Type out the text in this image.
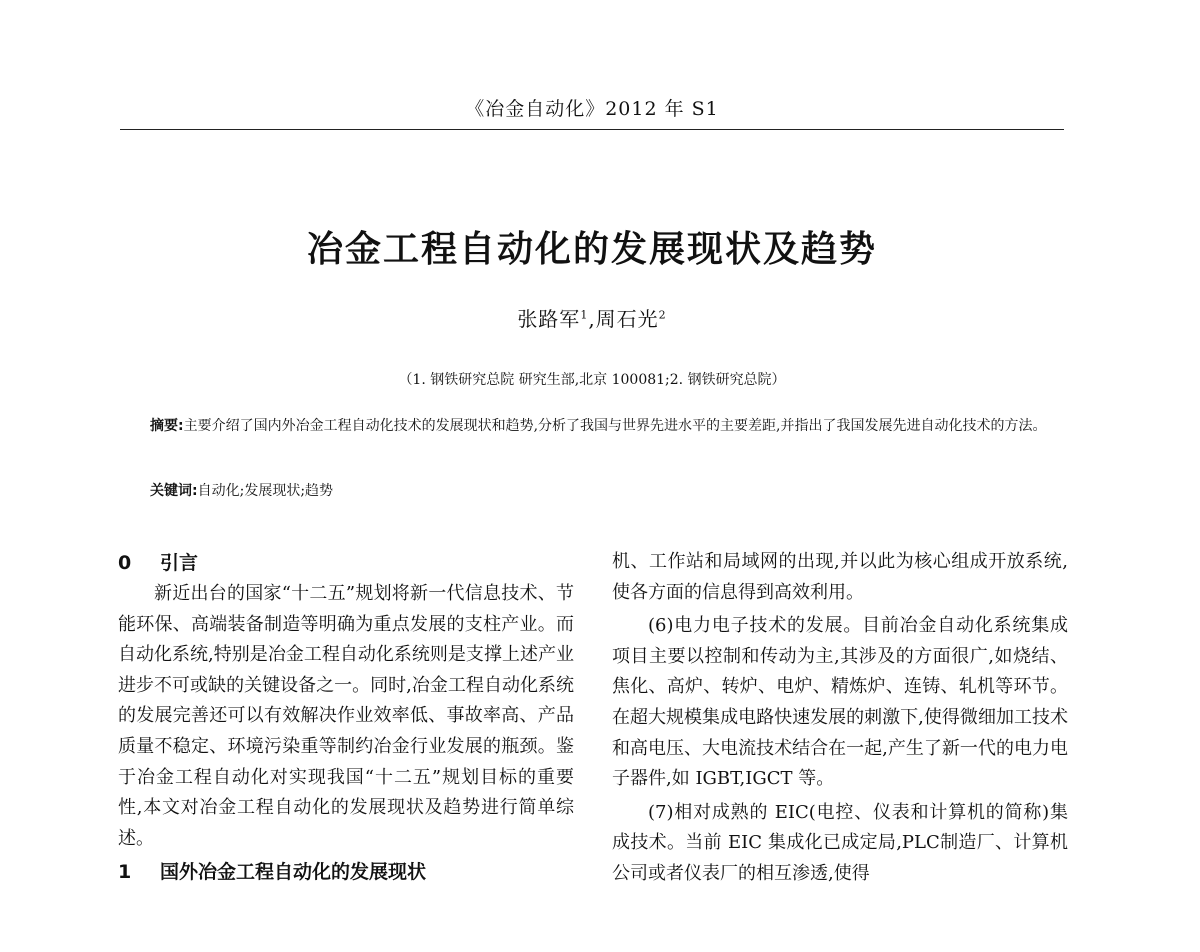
《冶金自动化》2012 年 S1
冶金工程自动化的发展现状及趋势
张路军$^1$,周石光$^2$
（1. 钢铁研究总院 研究生部,北京 100081;2. 钢铁研究总院）
摘要:主要介绍了国内外冶金工程自动化技术的发展现状和趋势,分析了我国与世界先进水平的主要差距,并指出了我国发展先进自动化技术的方法。
关键词:自动化;发展现状;趋势
0 引言

新近出台的国家“十二五”规划将新一代信息技术、节能环保、高端装备制造等明确为重点发展的支柱产业。而自动化系统,特别是冶金工程自动化系统则是支撑上述产业进步不可或缺的关键设备之一。同时,冶金工程自动化系统的发展完善还可以有效解决作业效率低、事故率高、产品质量不稳定、环境污染重等制约冶金行业发展的瓶颈。鉴于冶金工程自动化对实现我国“十二五”规划目标的重要性,本文对冶金工程自动化的发展现状及趋势进行简单综述。

1 国外冶金工程自动化的发展现状

机、工作站和局域网的出现,并以此为核心组成开放系统,使各方面的信息得到高效利用。

(6)电力电子技术的发展。目前冶金自动化系统集成项目主要以控制和传动为主,其涉及的方面很广,如烧结、焦化、高炉、转炉、电炉、精炼炉、连铸、轧机等环节。在超大规模集成电路快速发展的刺激下,使得微细加工技术和高电压、大电流技术结合在一起,产生了新一代的电力电子器件,如 IGBT,IGCT 等。

(7)相对成熟的 EIC(电控、仪表和计算机的简称)集成技术。当前 EIC 集成化已成定局,PLC制造厂、计算机公司或者仪表厂的相互渗透,使得
